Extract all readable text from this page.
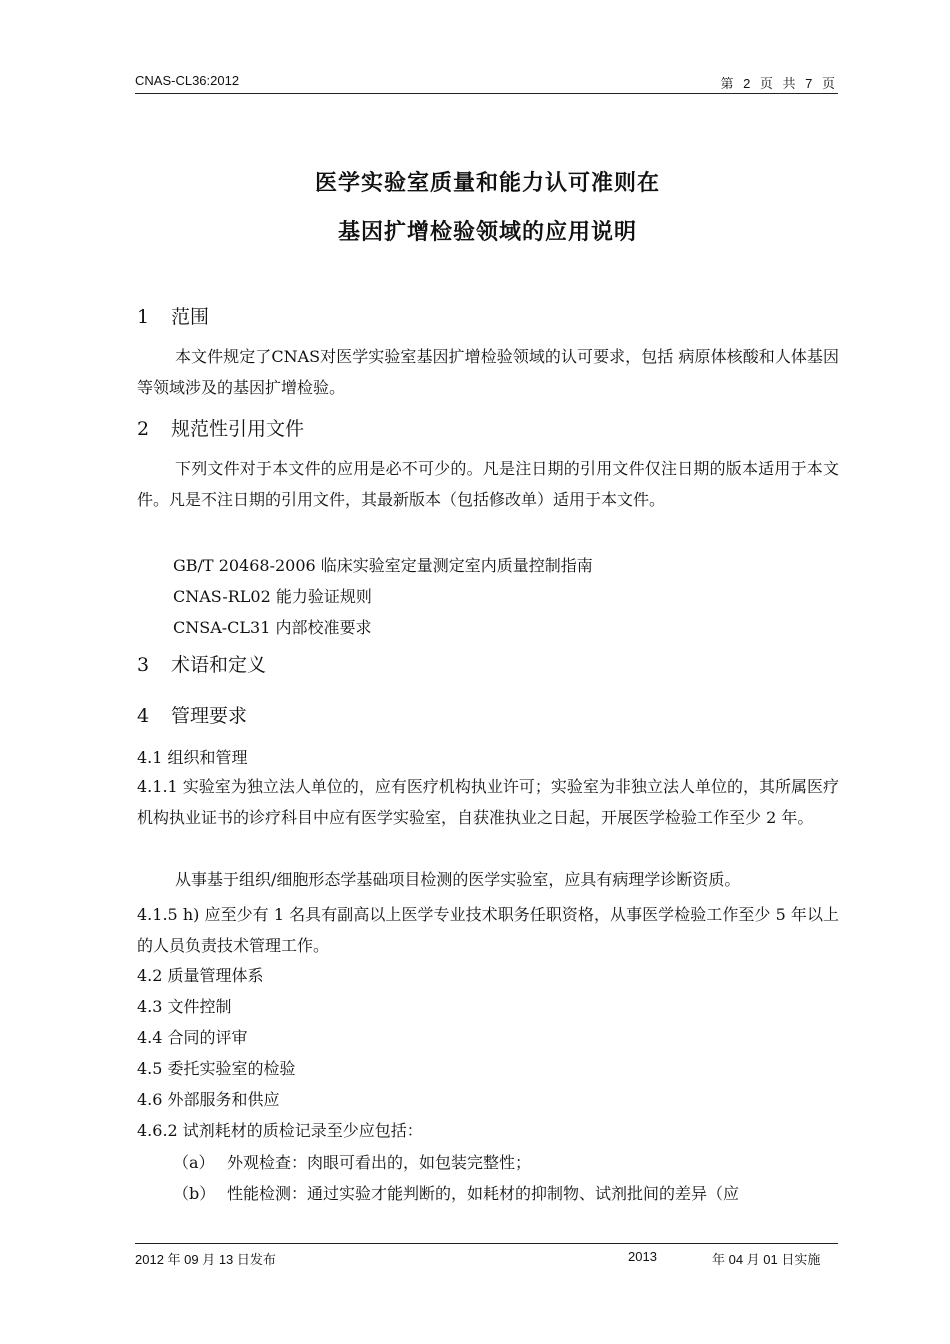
CNAS-CL36:2012	第 2 页 共 7 页
医学实验室质量和能力认可准则在
基因扩增检验领域的应用说明
1 范围
本文件规定了CNAS对医学实验室基因扩增检验领域的认可要求，包括 病原体核酸和人体基因等领域涉及的基因扩增检验。
2 规范性引用文件
下列文件对于本文件的应用是必不可少的。凡是注日期的引用文件仅注日期的版本适用于本文件。凡是不注日期的引用文件，其最新版本（包括修改单）适用于本文件。
GB/T 20468-2006 临床实验室定量测定室内质量控制指南
CNAS-RL02 能力验证规则
CNSA-CL31 内部校准要求
3 术语和定义
4 管理要求
4.1 组织和管理
4.1.1 实验室为独立法人单位的，应有医疗机构执业许可；实验室为非独立法人单位的，其所属医疗机构执业证书的诊疗科目中应有医学实验室，自获准执业之日起，开展医学检验工作至少 2 年。
从事基于组织/细胞形态学基础项目检测的医学实验室，应具有病理学诊断资质。
4.1.5 h) 应至少有 1 名具有副高以上医学专业技术职务任职资格，从事医学检验工作至少 5 年以上的人员负责技术管理工作。
4.2 质量管理体系
4.3 文件控制
4.4 合同的评审
4.5 委托实验室的检验
4.6 外部服务和供应
4.6.2 试剂耗材的质检记录至少应包括：
（a） 外观检查：肉眼可看出的，如包装完整性；
（b） 性能检测：通过实验才能判断的，如耗材的抑制物、试剂批间的差异（应
2012 年 09 月 13 日发布	2013	年 04 月 01 日实施
